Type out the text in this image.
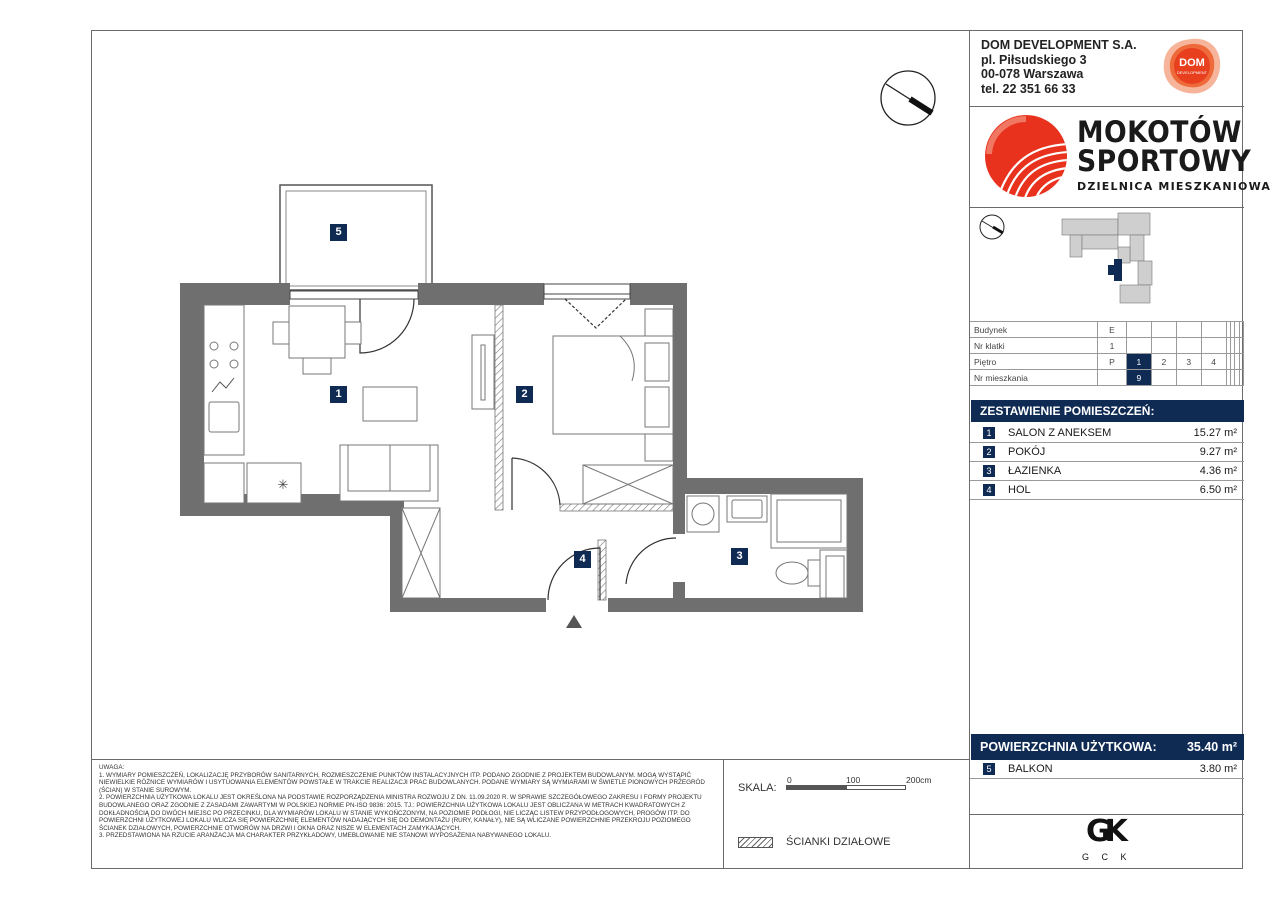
✳
1	2
3
4
5
DOM DEVELOPMENT S.A.
pl. Piłsudskiego 3
00-078 Warszawa
tel. 22 351 66 33
DOM
DEVELOPMENT
MOKOTÓW
SPORTOWY
DZIELNICA MIESZKANIOWA
Budynek	E								
Nr klatki	1								
Piętro	P	1	2	3	4				
Nr mieszkania		9							
ZESTAWIENIE POMIESZCZEŃ:
1	SALON Z ANEKSEM	15.27 m²
2	POKÓJ	9.27 m²
3	ŁAZIENKA	4.36 m²
4	HOL	6.50 m²
POWIERZCHNIA UŻYTKOWA: 35.40 m²
5	BALKON	3.80 m²
GK
G C K

UWAGA:

1. WYMIARY POMIESZCZEŃ, LOKALIZACJĘ PRZYBORÓW SANITARNYCH, ROZMIESZCZENIE PUNKTÓW INSTALACYJNYCH ITP. PODANO ZGODNIE Z PROJEKTEM BUDOWLANYM. MOGĄ WYSTĄPIĆ NIEWIELKIE RÓŻNICE WYMIARÓW I USYTUOWANIA ELEMENTÓW POWSTAŁE W TRAKCIE REALIZACJI PRAC BUDOWLANYCH. PODANE WYMIARY SĄ WYMIARAMI W ŚWIETLE PIONOWYCH PRZEGRÓD (ŚCIAN) W STANIE SUROWYM.

2. POWIERZCHNIA UŻYTKOWA LOKALU JEST OKREŚLONA NA PODSTAWIE ROZPORZĄDZENIA MINISTRA ROZWOJU Z DN. 11.09.2020 R. W SPRAWIE SZCZEGÓŁOWEGO ZAKRESU I FORMY PROJEKTU BUDOWLANEGO ORAZ ZGODNIE Z ZASADAMI ZAWARTYMI W POLSKIEJ NORMIE PN-ISO 9836: 2015. TJ.: POWIERZCHNIA UŻYTKOWA LOKALU JEST OBLICZANA W METRACH KWADRATOWYCH Z DOKŁADNOŚCIĄ DO DWÓCH MIEJSC PO PRZECINKU, DLA WYMIARÓW LOKALU W STANIE WYKOŃCZONYM, NA POZIOMIE PODŁOGI, NIE LICZĄC LISTEW PRZYPODŁOGOWYCH, PROGÓW ITP. DO POWIERZCHNI UŻYTKOWEJ LOKALU WLICZA SIĘ POWIERZCHNIĘ ELEMENTÓW NADAJĄCYCH SIĘ DO DEMONTAŻU (RURY, KANAŁY), NIE SĄ WLICZANE POWIERZCHNIE PRZEKROJU POZIOMEGO ŚCIANEK DZIAŁOWYCH, POWIERZCHNIE OTWORÓW NA DRZWI I OKNA ORAZ NISZE W ELEMENTACH ZAMYKAJĄCYCH.

3. PRZEDSTAWIONA NA RZUCIE ARANŻACJA MA CHARAKTER PRZYKŁADOWY, UMEBLOWANIE NIE STANOWI WYPOSAŻENIA NABYWANEGO LOKALU.

SKALA:
0	100	200cm
ŚCIANKI DZIAŁOWE
